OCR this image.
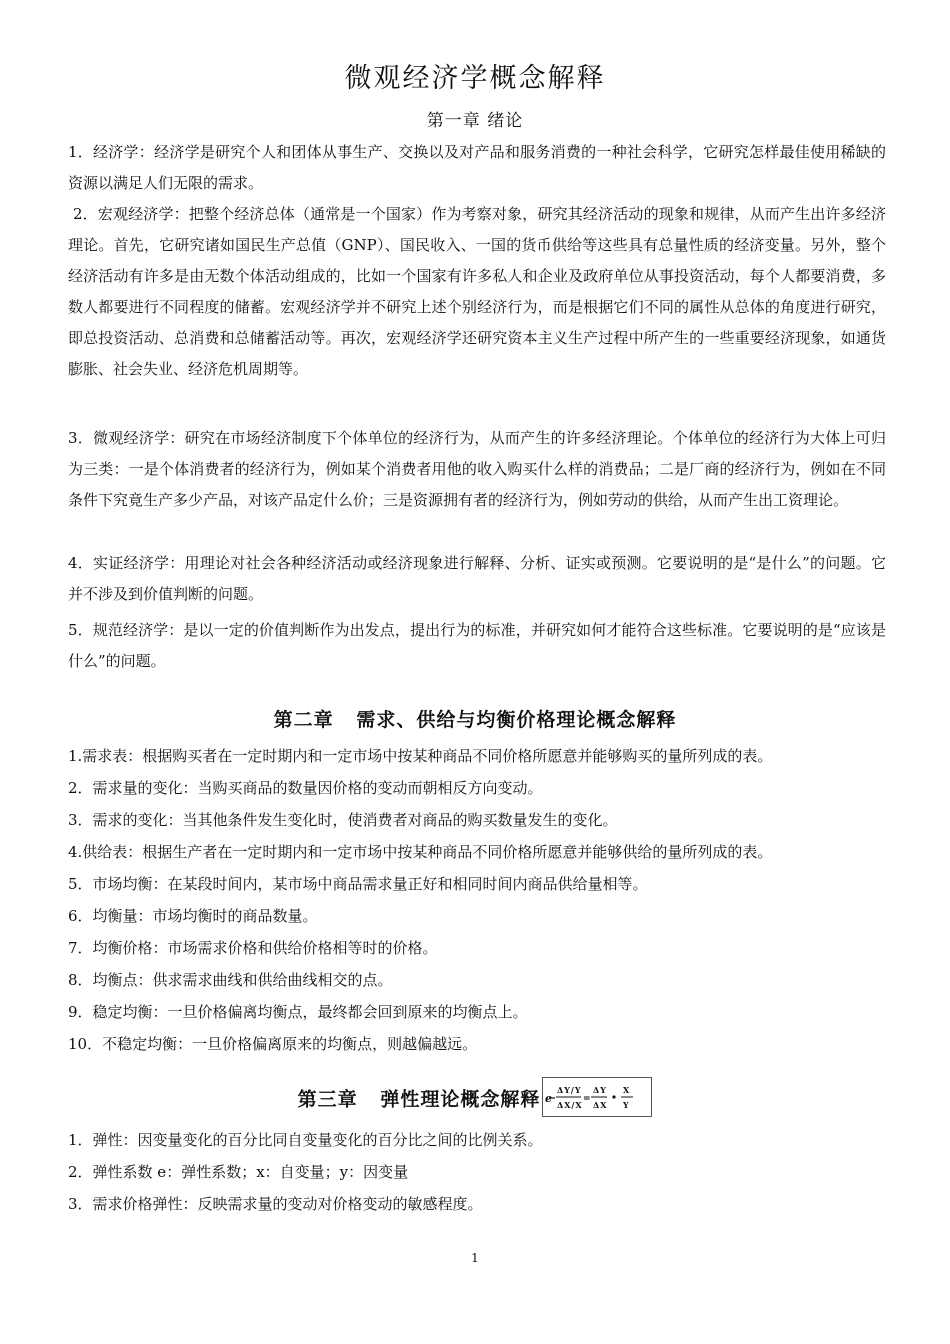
微观经济学概念解释
第一章 绪论
1．经济学：经济学是研究个人和团体从事生产、交换以及对产品和服务消费的一种社会科学，它研究怎样最佳使用稀缺的资源以满足人们无限的需求。
2．宏观经济学：把整个经济总体（通常是一个国家）作为考察对象，研究其经济活动的现象和规律，从而产生出许多经济理论。首先，它研究诸如国民生产总值（GNP）、国民收入、一国的货币供给等这些具有总量性质的经济变量。另外，整个经济活动有许多是由无数个体活动组成的，比如一个国家有许多私人和企业及政府单位从事投资活动，每个人都要消费，多数人都要进行不同程度的储蓄。宏观经济学并不研究上述个别经济行为，而是根据它们不同的属性从总体的角度进行研究，即总投资活动、总消费和总储蓄活动等。再次，宏观经济学还研究资本主义生产过程中所产生的一些重要经济现象，如通货膨胀、社会失业、经济危机周期等。
3．微观经济学：研究在市场经济制度下个体单位的经济行为，从而产生的许多经济理论。个体单位的经济行为大体上可归为三类：一是个体消费者的经济行为，例如某个消费者用他的收入购买什么样的消费品；二是厂商的经济行为，例如在不同条件下究竟生产多少产品，对该产品定什么价；三是资源拥有者的经济行为，例如劳动的供给，从而产生出工资理论。
4．实证经济学：用理论对社会各种经济活动或经济现象进行解释、分析、证实或预测。它要说明的是“是什么”的问题。它并不涉及到价值判断的问题。
5．规范经济学：是以一定的价值判断作为出发点，提出行为的标准，并研究如何才能符合这些标准。它要说明的是“应该是什么”的问题。
第二章   需求、供给与均衡价格理论概念解释
1.需求表：根据购买者在一定时期内和一定市场中按某种商品不同价格所愿意并能够购买的量所列成的表。
2．需求量的变化：当购买商品的数量因价格的变动而朝相反方向变动。
3．需求的变化：当其他条件发生变化时，使消费者对商品的购买数量发生的变化。
4.供给表：根据生产者在一定时期内和一定市场中按某种商品不同价格所愿意并能够供给的量所列成的表。
5．市场均衡：在某段时间内，某市场中商品需求量正好和相同时间内商品供给量相等。
6．均衡量：市场均衡时的商品数量。
7．均衡价格：市场需求价格和供给价格相等时的价格。
8．均衡点：供求需求曲线和供给曲线相交的点。
9．稳定均衡：一旦价格偏离均衡点，最终都会回到原来的均衡点上。
10．不稳定均衡：一旦价格偏离原来的均衡点，则越偏越远。
第三章   弹性理论概念解释 e
ΔY/Y
ΔX/X
=
ΔY
ΔX
X
Y
1．弹性：因变量变化的百分比同自变量变化的百分比之间的比例关系。
2．弹性系数 e：弹性系数；x：自变量；y：因变量
3．需求价格弹性：反映需求量的变动对价格变动的敏感程度。
1
